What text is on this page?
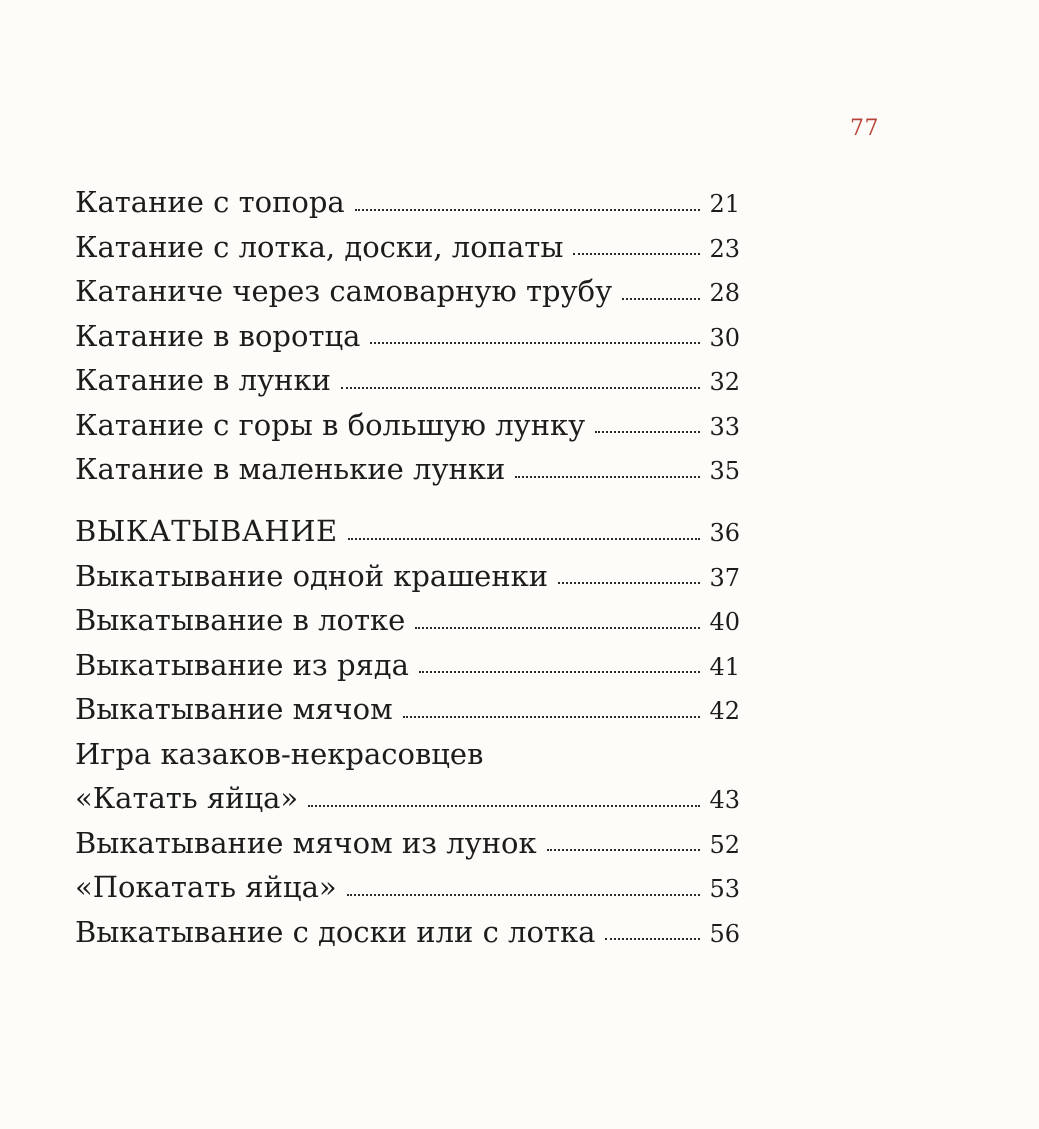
77
Катание с топора	21
Катание с лотка, доски, лопаты	23
Катаниче через самоварную трубу	28
Катание в воротца	30
Катание в лунки	32
Катание с горы в большую лунку	33
Катание в маленькие лунки	35
ВЫКАТЫВАНИЕ	36
Выкатывание одной крашенки	37
Выкатывание в лотке	40
Выкатывание из ряда	41
Выкатывание мячом	42
Игра казаков-некрасовцев
«Катать яйца»	43
Выкатывание мячом из лунок	52
«Покатать яйца»	53
Выкатывание с доски или с лотка	56
